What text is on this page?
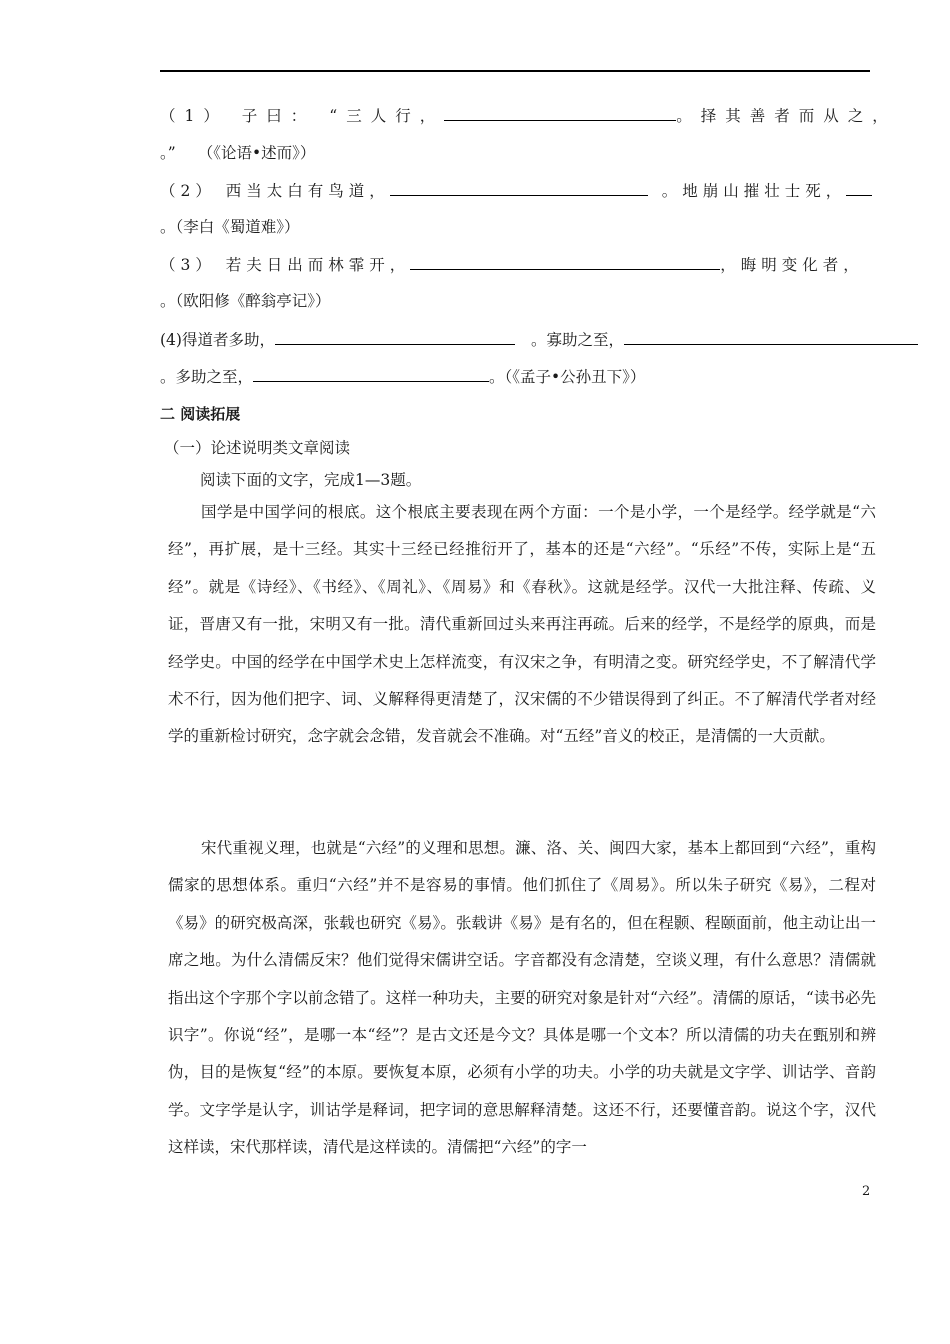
（1） 子曰： “三人行，	。择其善者而从之，
。” （《论语•述而》）
（2） 西当太白有鸟道，	。地崩山摧壮士死，
。（李白《蜀道难》）
（3） 若夫日出而林霏开，	，晦明变化者，
。（欧阳修《醉翁亭记》）
(4)得道者多助，	。寡助之至，
。多助之至，	。（《孟子•公孙丑下》）
二 阅读拓展
（一）论述说明类文章阅读
阅读下面的文字，完成1—3题。
国学是中国学问的根底。这个根底主要表现在两个方面：一个是小学，一个是经学。经学就是“六经”，再扩展，是十三经。其实十三经已经推衍开了，基本的还是“六经”。“乐经”不传，实际上是“五经”。就是《诗经》、《书经》、《周礼》、《周易》和《春秋》。这就是经学。汉代一大批注释、传疏、义证，晋唐又有一批，宋明又有一批。清代重新回过头来再注再疏。后来的经学，不是经学的原典，而是经学史。中国的经学在中国学术史上怎样流变，有汉宋之争，有明清之变。研究经学史，不了解清代学术不行，因为他们把字、词、义解释得更清楚了，汉宋儒的不少错误得到了纠正。不了解清代学者对经学的重新检讨研究，念字就会念错，发音就会不准确。对“五经”音义的校正，是清儒的一大贡献。
宋代重视义理，也就是“六经”的义理和思想。濂、洛、关、闽四大家，基本上都回到“六经”，重构儒家的思想体系。重归“六经”并不是容易的事情。他们抓住了《周易》。所以朱子研究《易》，二程对《易》的研究极高深，张载也研究《易》。张载讲《易》是有名的，但在程颢、程颐面前，他主动让出一席之地。为什么清儒反宋？他们觉得宋儒讲空话。字音都没有念清楚，空谈义理，有什么意思？清儒就指出这个字那个字以前念错了。这样一种功夫，主要的研究对象是针对“六经”。清儒的原话，“读书必先识字”。你说“经”，是哪一本“经”？是古文还是今文？具体是哪一个文本？所以清儒的功夫在甄别和辨伪，目的是恢复“经”的本原。要恢复本原，必须有小学的功夫。小学的功夫就是文字学、训诂学、音韵学。文字学是认字，训诂学是释词，把字词的意思解释清楚。这还不行，还要懂音韵。说这个字，汉代这样读，宋代那样读，清代是这样读的。清儒把“六经”的字一
2
